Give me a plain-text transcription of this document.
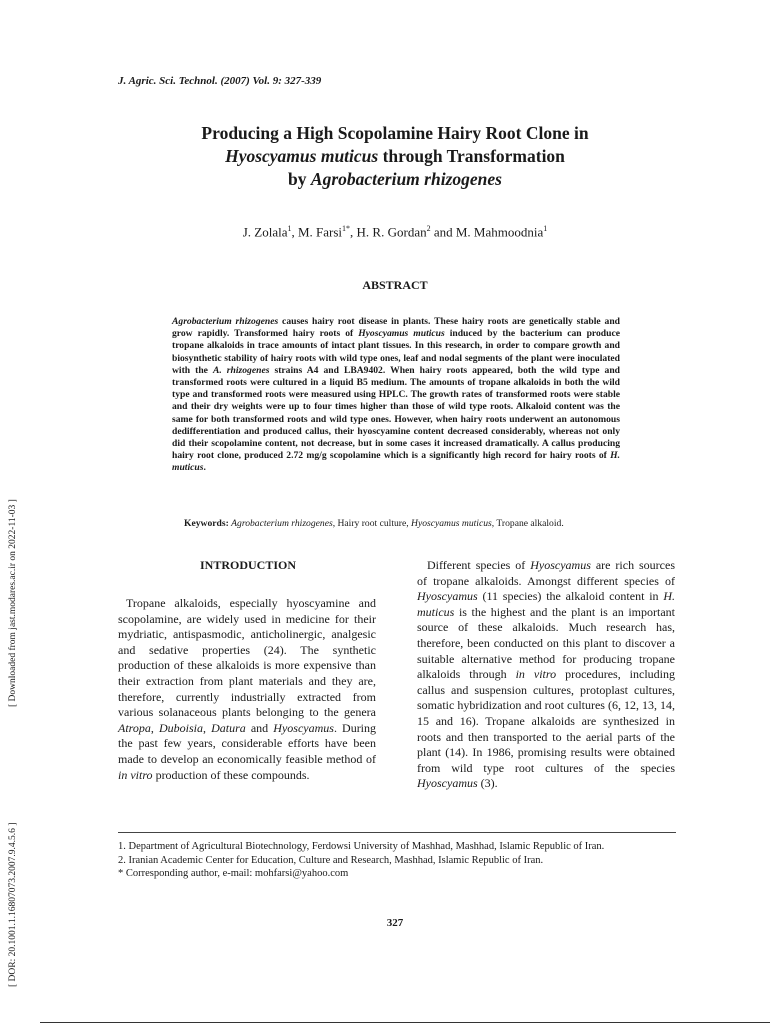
J. Agric. Sci. Technol. (2007) Vol. 9: 327-339
Producing a High Scopolamine Hairy Root Clone in
Hyoscyamus muticus through Transformation
by Agrobacterium rhizogenes
J. Zolala$^1$, M. Farsi$^{1*}$, H. R. Gordan$^2$ and M. Mahmoodnia$^1$
ABSTRACT
Agrobacterium rhizogenes causes hairy root disease in plants. These hairy roots are genetically stable and grow rapidly. Transformed hairy roots of Hyoscyamus muticus induced by the bacterium can produce tropane alkaloids in trace amounts of intact plant tissues. In this research, in order to compare growth and biosynthetic stability of hairy roots with wild type ones, leaf and nodal segments of the plant were inoculated with the A. rhizogenes strains A4 and LBA9402. When hairy roots appeared, both the wild type and transformed roots were cultured in a liquid B5 medium. The amounts of tropane alkaloids in both the wild type and transformed roots were measured using HPLC. The growth rates of transformed roots were stable and their dry weights were up to four times higher than those of wild type roots. Alkaloid content was the same for both transformed roots and wild type ones. However, when hairy roots underwent an autonomous dedifferentiation and produced callus, their hyoscyamine content decreased considerably, whereas not only did their scopolamine content, not decrease, but in some cases it increased dramatically. A callus producing hairy root clone, produced 2.72 mg/g scopolamine which is a significantly high record for hairy roots of H. muticus.
Keywords: Agrobacterium rhizogenes, Hairy root culture, Hyoscyamus muticus, Tropane alkaloid.
INTRODUCTION
Tropane alkaloids, especially hyoscyamine and scopolamine, are widely used in medicine for their mydriatic, antispasmodic, anticholinergic, analgesic and sedative properties (24). The synthetic production of these alkaloids is more expensive than their extraction from plant materials and they are, therefore, currently industrially extracted from various solanaceous plants belonging to the genera Atropa, Duboisia, Datura and Hyoscyamus. During the past few years, considerable efforts have been made to develop an economically feasible method of in vitro production of these compounds.
Different species of Hyoscyamus are rich sources of tropane alkaloids. Amongst different species of Hyoscyamus (11 species) the alkaloid content in H. muticus is the highest and the plant is an important source of these alkaloids. Much research has, therefore, been conducted on this plant to discover a suitable alternative method for producing tropane alkaloids through in vitro procedures, including callus and suspension cultures, protoplast cultures, somatic hybridization and root cultures (6, 12, 13, 14, 15 and 16). Tropane alkaloids are synthesized in roots and then transported to the aerial parts of the plant (14). In 1986, promising results were obtained from wild type root cultures of the species Hyoscyamus (3).
1. Department of Agricultural Biotechnology, Ferdowsi University of Mashhad, Mashhad, Islamic Republic of Iran.
2. Iranian Academic Center for Education, Culture and Research, Mashhad, Islamic Republic of Iran.
* Corresponding author, e-mail: mohfarsi@yahoo.com
327
[ Downloaded from jast.modares.ac.ir on 2022-11-03 ]
[ DOR: 20.1001.1.16807073.2007.9.4.5.6 ]
